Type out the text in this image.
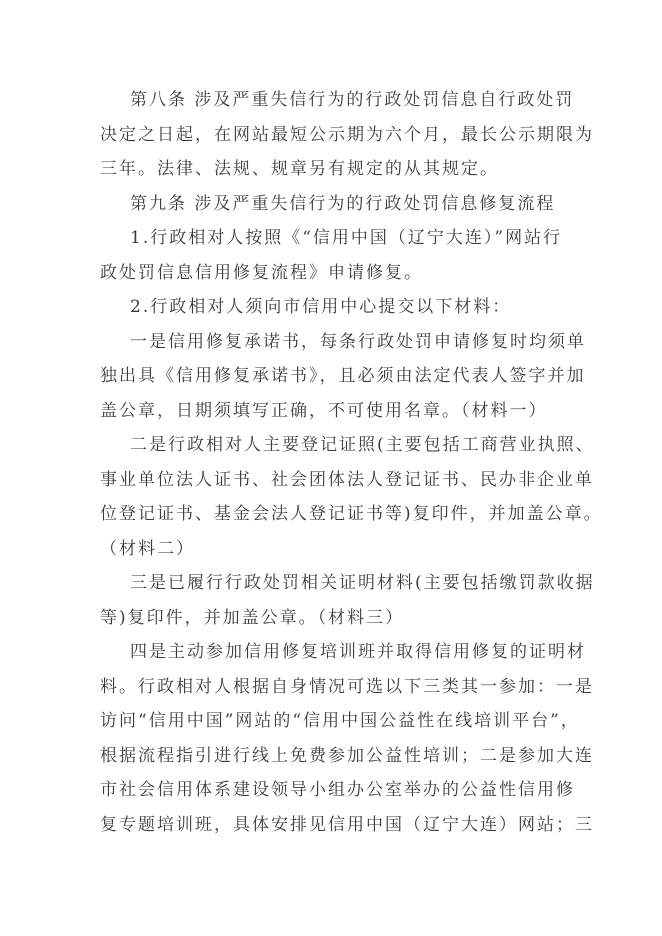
第八条 涉及严重失信行为的行政处罚信息自行政处罚
决定之日起，在网站最短公示期为六个月，最长公示期限为
三年。法律、法规、规章另有规定的从其规定。
第九条 涉及严重失信行为的行政处罚信息修复流程
1.行政相对人按照《“信用中国（辽宁大连）”网站行
政处罚信息信用修复流程》申请修复。
2.行政相对人须向市信用中心提交以下材料：
一是信用修复承诺书，每条行政处罚申请修复时均须单
独出具《信用修复承诺书》，且必须由法定代表人签字并加
盖公章，日期须填写正确，不可使用名章。（材料一）
二是行政相对人主要登记证照(主要包括工商营业执照、
事业单位法人证书、社会团体法人登记证书、民办非企业单
位登记证书、基金会法人登记证书等)复印件，并加盖公章。
（材料二）
三是已履行行政处罚相关证明材料(主要包括缴罚款收据
等)复印件，并加盖公章。（材料三）
四是主动参加信用修复培训班并取得信用修复的证明材
料。行政相对人根据自身情况可选以下三类其一参加：一是
访问“信用中国”网站的“信用中国公益性在线培训平台”，
根据流程指引进行线上免费参加公益性培训；二是参加大连
市社会信用体系建设领导小组办公室举办的公益性信用修
复专题培训班，具体安排见信用中国（辽宁大连）网站；三
